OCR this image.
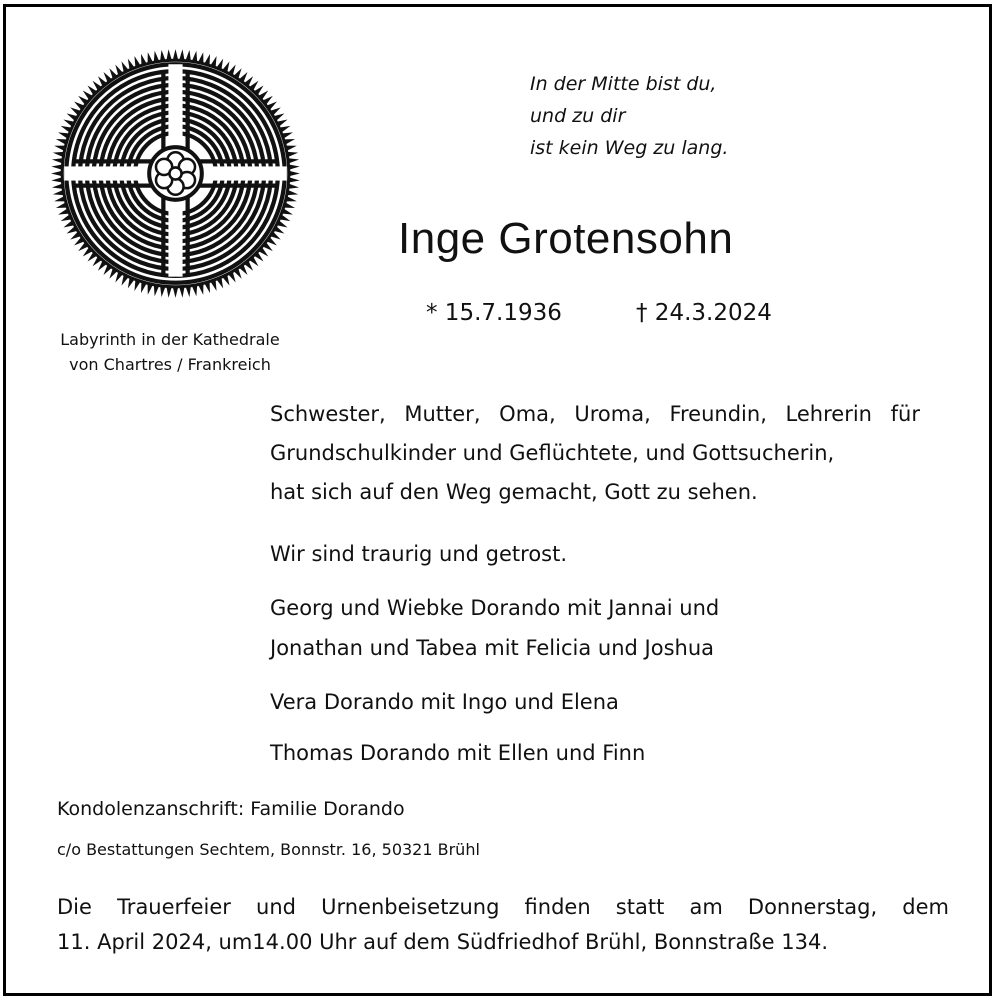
Labyrinth in der Kathedrale
von Chartres / Frankreich
In der Mitte bist du,
und zu dir
ist kein Weg zu lang.
Inge Grotensohn
* 15.7.1936	† 24.3.2024
Schwester, Mutter, Oma, Uroma, Freundin, Lehrerin für
Grundschulkinder und Geflüchtete, und Gottsucherin,
hat sich auf den Weg gemacht, Gott zu sehen.
Wir sind traurig und getrost.
Georg und Wiebke Dorando mit Jannai und
Jonathan und Tabea mit Felicia und Joshua
Vera Dorando mit Ingo und Elena
Thomas Dorando mit Ellen und Finn
Kondolenzanschrift: Familie Dorando
c/o Bestattungen Sechtem, Bonnstr. 16, 50321 Brühl
Die Trauerfeier und Urnenbeisetzung finden statt am Donnerstag, dem
11. April 2024, um14.00 Uhr auf dem Südfriedhof Brühl, Bonnstraße 134.
